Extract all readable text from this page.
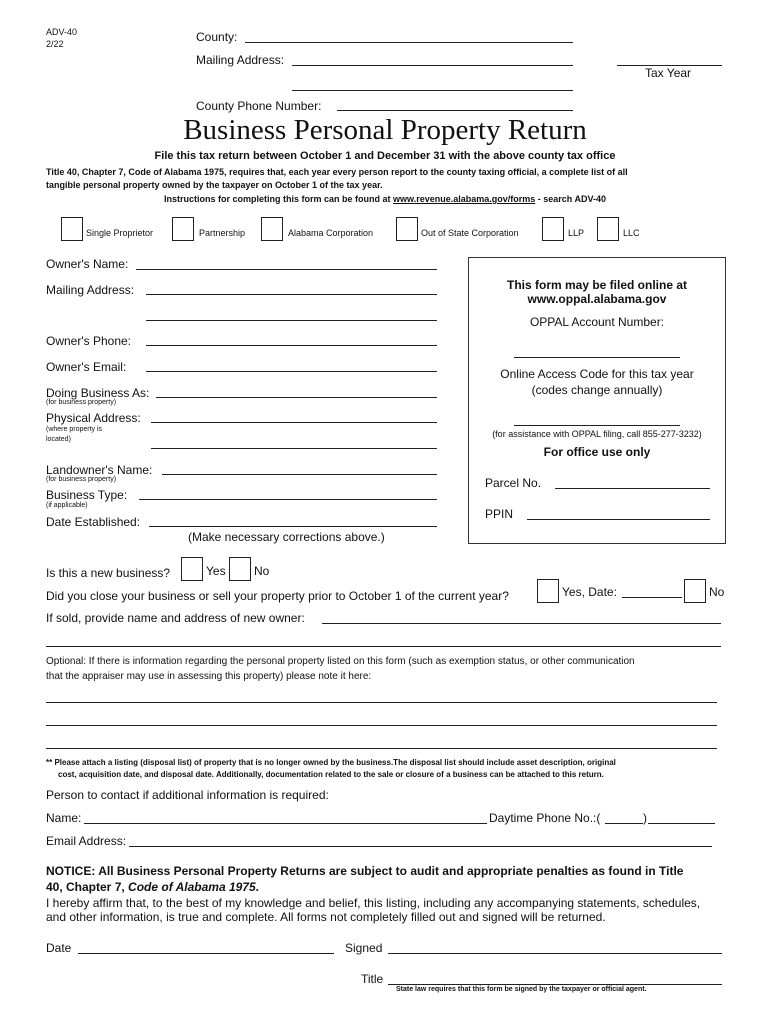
ADV-40
2/22	County:
Mailing Address:
Tax Year
County Phone Number:
Business Personal Property Return
File this tax return between October 1 and December 31 with the above county tax office
Title 40, Chapter 7, Code of Alabama 1975, requires that, each year every person report to the county taxing official, a complete list of all
tangible personal property owned by the taxpayer on October 1 of the tax year.
Instructions for completing this form can be found at www.revenue.alabama.gov/forms - search ADV-40
Single Proprietor	Partnership	Alabama Corporation	Out of State Corporation	LLP	LLC
Owner's Name:
Mailing Address:
Owner's Phone:
Owner's Email:
Doing Business As:
(for business property)
Physical Address:
(where property is
located)
Landowner's Name:
(for business property)
Business Type:
(if applicable)
Date Established:
(Make necessary corrections above.)
This form may be filed online at
www.oppal.alabama.gov
OPPAL Account Number:
Online Access Code for this tax year
(codes change annually)
(for assistance with OPPAL filing, call 855-277-3232)
For office use only
Parcel No.
PPIN
Is this a new business?	Yes No
Did you close your business or sell your property prior to October 1 of the current year?	Yes, Date:	No
If sold, provide name and address of new owner:
Optional: If there is information regarding the personal property listed on this form (such as exemption status, or other communication
that the appraiser may use in assessing this property) please note it here:
** Please attach a listing (disposal list) of property that is no longer owned by the business.The disposal list should include asset description, original
cost, acquisition date, and disposal date. Additionally, documentation related to the sale or closure of a business can be attached to this return.
Person to contact if additional information is required:
Name:	Daytime Phone No.:(	)
Email Address:
NOTICE: All Business Personal Property Returns are subject to audit and appropriate penalties as found in Title
40, Chapter 7, Code of Alabama 1975.
I hereby affirm that, to the best of my knowledge and belief, this listing, including any accompanying statements, schedules,
and other information, is true and complete. All forms not completely filled out and signed will be returned.
Date	Signed
Title
State law requires that this form be signed by the taxpayer or official agent.
